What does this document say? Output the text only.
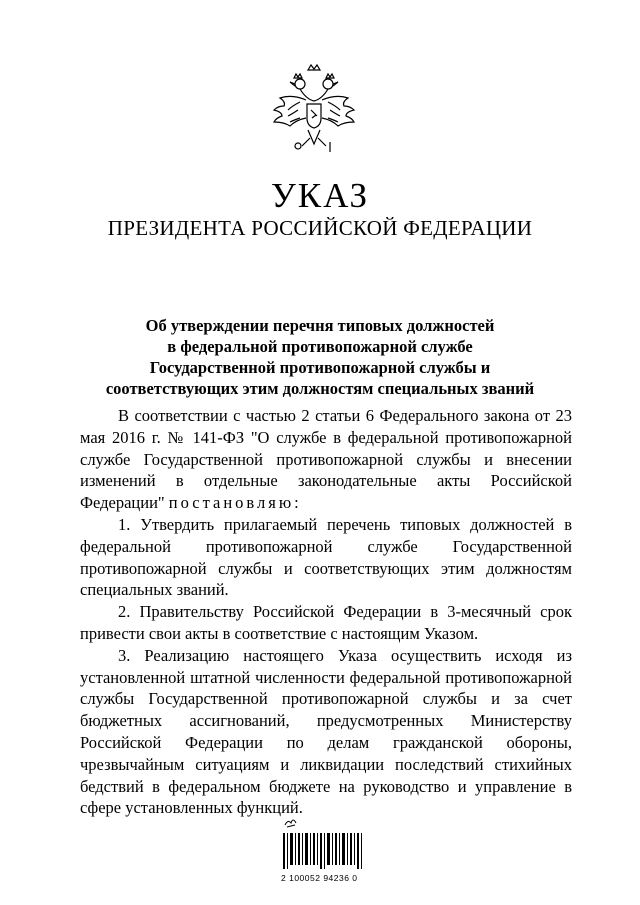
УКАЗ
ПРЕЗИДЕНТА РОССИЙСКОЙ ФЕДЕРАЦИИ
Об утверждении перечня типовых должностей
в федеральной противопожарной службе
Государственной противопожарной службы и
соответствующих этим должностям специальных званий

В соответствии с частью 2 статьи 6 Федерального закона от 23 мая 2016 г. № 141-ФЗ "О службе в федеральной противопожарной службе Государственной противопожарной службы и внесении изменений в отдельные законодательные акты Российской Федерации" постановляю:

1. Утвердить прилагаемый перечень типовых должностей в федеральной противопожарной службе Государственной противопожарной службы и соответствующих этим должностям специальных званий.

2. Правительству Российской Федерации в 3-месячный срок привести свои акты в соответствие с настоящим Указом.

3. Реализацию настоящего Указа осуществить исходя из установленной штатной численности федеральной противопожарной службы Государственной противопожарной службы и за счет бюджетных ассигнований, предусмотренных Министерству Российской Федерации по делам гражданской обороны, чрезвычайным ситуациям и ликвидации последствий стихийных бедствий в федеральном бюджете на руководство и управление в сфере установленных функций.

2 100052 94236 0
